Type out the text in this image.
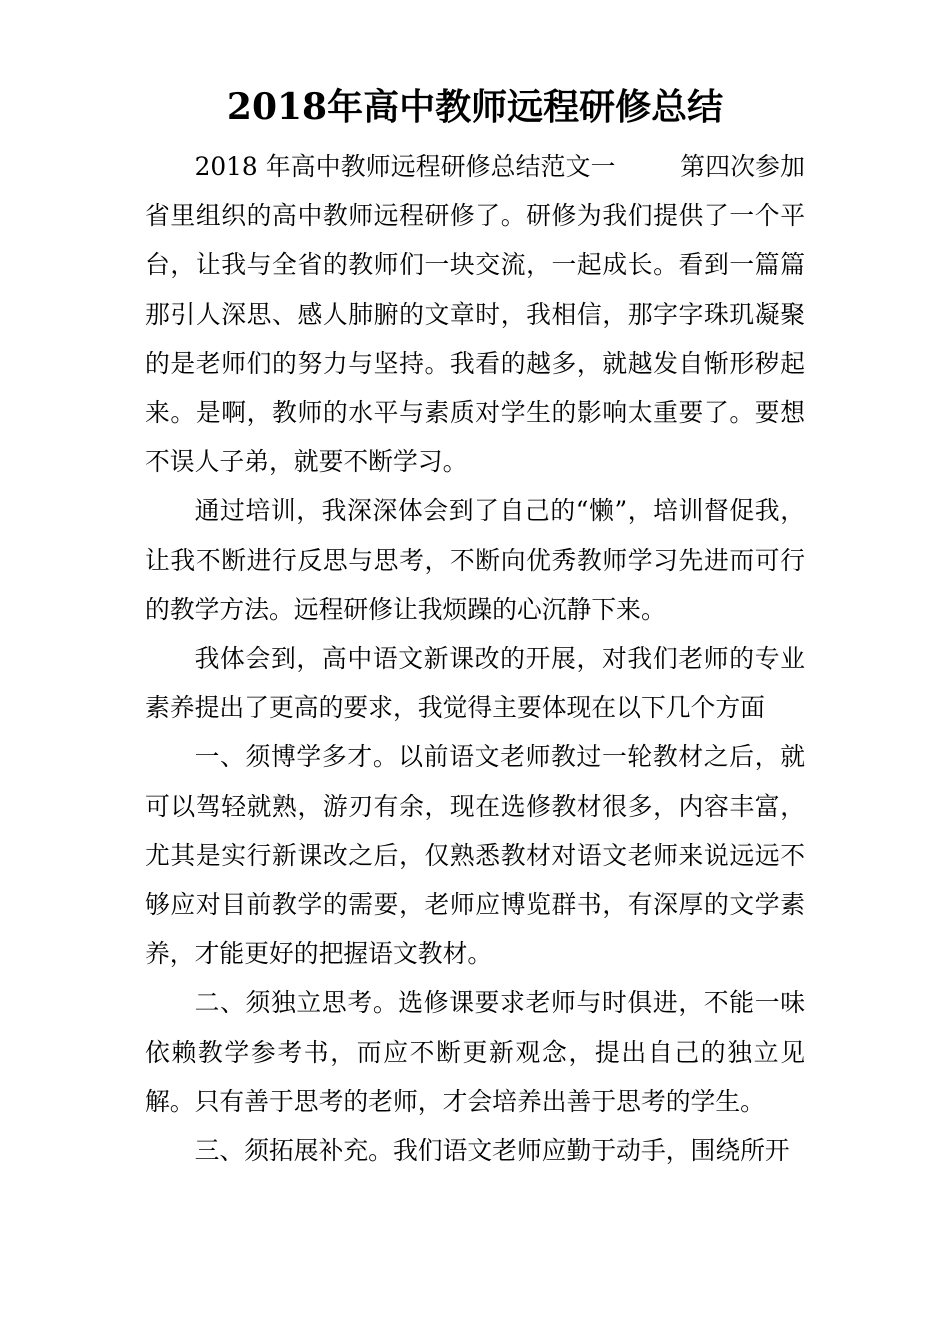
2018年高中教师远程研修总结

2018 年高中教师远程研修总结范文一        第四次参加省里组织的高中教师远程研修了。研修为我们提供了一个平台，让我与全省的教师们一块交流，一起成长。看到一篇篇那引人深思、感人肺腑的文章时，我相信，那字字珠玑凝聚的是老师们的努力与坚持。我看的越多，就越发自惭形秽起来。是啊，教师的水平与素质对学生的影响太重要了。要想不误人子弟，就要不断学习。

通过培训，我深深体会到了自己的“懒”，培训督促我，让我不断进行反思与思考，不断向优秀教师学习先进而可行的教学方法。远程研修让我烦躁的心沉静下来。

我体会到，高中语文新课改的开展，对我们老师的专业素养提出了更高的要求，我觉得主要体现在以下几个方面

一、须博学多才。以前语文老师教过一轮教材之后，就可以驾轻就熟，游刃有余，现在选修教材很多，内容丰富，尤其是实行新课改之后，仅熟悉教材对语文老师来说远远不够应对目前教学的需要，老师应博览群书，有深厚的文学素养，才能更好的把握语文教材。

二、须独立思考。选修课要求老师与时俱进，不能一味依赖教学参考书，而应不断更新观念，提出自己的独立见解。只有善于思考的老师，才会培养出善于思考的学生。

三、须拓展补充。我们语文老师应勤于动手，围绕所开
